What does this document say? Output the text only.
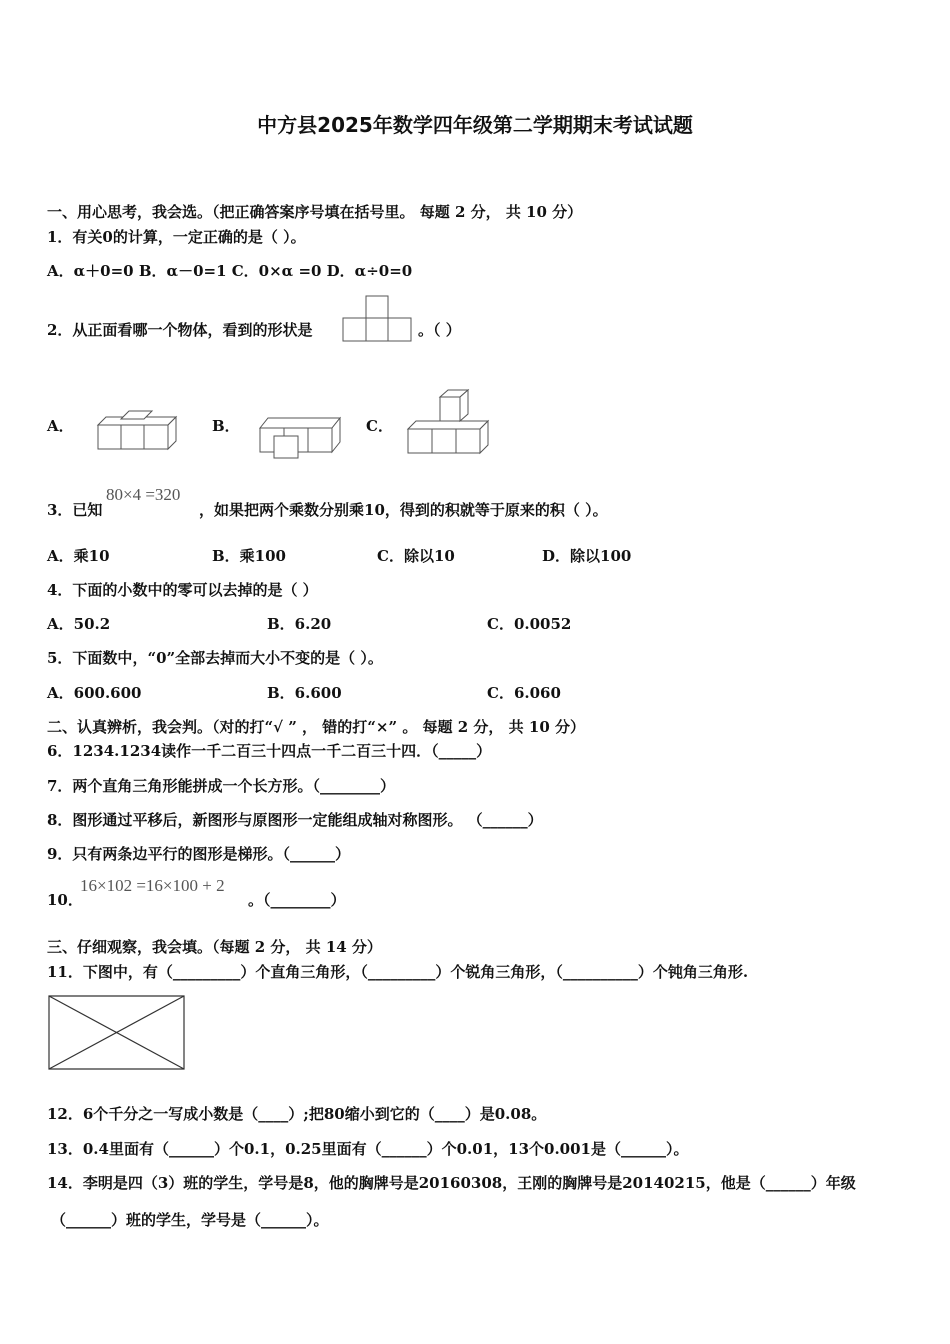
中方县2025年数学四年级第二学期期末考试试题
一、用心思考，我会选。（把正确答案序号填在括号里。 每题 2 分， 共 10 分）
1．有关0的计算，一定正确的是（ ）。
A．α＋0=0 B．α－0=1 C．0×α =0 D．α÷0=0
2．从正面看哪一个物体，看到的形状是	。（ ）
A．	B．	C．
3．已知
80×4 =320
，如果把两个乘数分别乘10，得到的积就等于原来的积（ ）。
A．乘10	B．乘100	C．除以10	D．除以100
4．下面的小数中的零可以去掉的是（ ）
A．50.2	B．6.20	C．0.0052
5．下面数中，“0”全部去掉而大小不变的是（ ）。
A．600.600	B．6.600	C．6.060
二、认真辨析，我会判。（对的打“√ ” ， 错的打“×” 。 每题 2 分， 共 10 分）
6．1234.1234读作一千二百三十四点一千二百三十四．（_____）
7．两个直角三角形能拼成一个长方形。（________）
8．图形通过平移后，新图形与原图形一定能组成轴对称图形。 （______）
9．只有两条边平行的图形是梯形。（______）
10．
16×102 =16×100 + 2
。（________）
三、仔细观察，我会填。（每题 2 分， 共 14 分）
11．下图中，有（_________）个直角三角形，（_________）个锐角三角形，（__________）个钝角三角形.
12．6个千分之一写成小数是（____）;把80缩小到它的（____）是0.08。
13．0.4里面有（______）个0.1，0.25里面有（______）个0.01，13个0.001是（______）。
14．李明是四（3）班的学生，学号是8，他的胸牌号是20160308，王刚的胸牌号是20140215，他是（______）年级
（______）班的学生，学号是（______）。
